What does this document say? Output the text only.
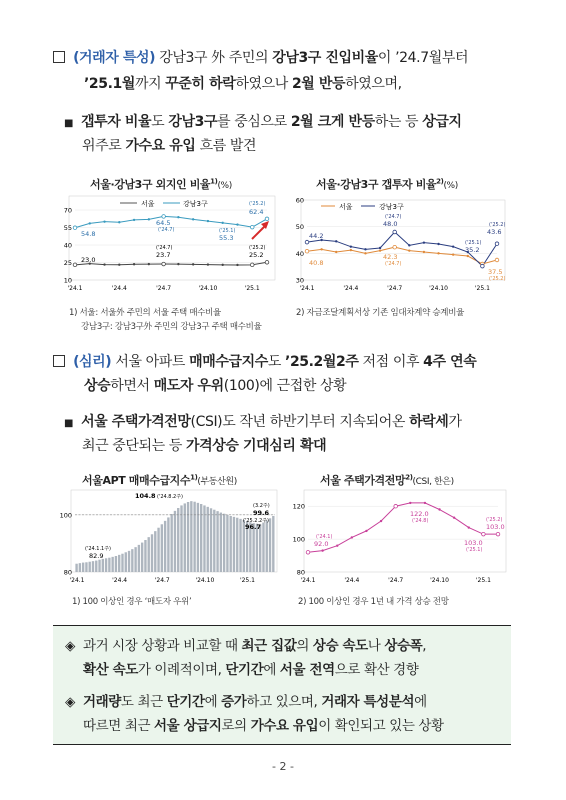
(거래자 특성) 강남3구 外 주민의 강남3구 진입비율이 ’24.7월부터
’25.1월까지 꾸준히 하락하였으나 2월 반등하였으며,
■ 갭투자 비율도 강남3구를 중심으로 2월 크게 반등하는 등 상급지
위주로 가수요 유입 흐름 발견
서울·강남3구 외지인 비율$^{1)}$(%)
70
55
40
25
10
'24.1	'24.4	'24.7	'24.10	'25.1
서울	강남3구
54.8
64.5
('24.7)
('25.2)
62.4
('25.1)
55.3
23.0
('24.7)
23.7
('25.2)
25.2
서울·강남3구 갭투자 비율$^{2)}$(%)
60
50
40
30
'24.1	'24.4	'24.7	'24.10	'25.1
서울	강남3구
44.2
('24.7)
48.0
('25.1)
35.2
('25.2)
43.6
40.8
42.3
('24.7)
37.5
('25.2)
1) 서울: 서울外 주민의 서울 주택 매수비율
강남3구: 강남3구外 주민의 강남3구 주택 매수비율
2) 자금조달계획서상 기존 임대차계약 승계비율
(심리) 서울 아파트 매매수급지수도 ’25.2월2주 저점 이후 4주 연속
상승하면서 매도자 우위(100)에 근접한 상황
■ 서울 주택가격전망(CSI)도 작년 하반기부터 지속되어온 하락세가
최근 중단되는 등 가격상승 기대심리 확대
서울APT 매매수급지수$^{1)}$(부동산원)
100
80
'24.1	'24.4	'24.7	'24.10	'25.1
104.8 ('24.8.2주)
('24.1.1주)
82.9
(3.2주)
99.6
('25.2.2주)
96.7
서울 주택가격전망$^{2)}$(CSI, 한은)
120
100
80
'24.1	'24.4	'24.7	'24.10	'25.1
('24.1)
92.0
122.0
('24.8)
103.0
('25.1)
('25.2)
103.0
1) 100 이상인 경우 ‘매도자 우위’	2) 100 이상인 경우 1년 내 가격 상승 전망
◈ 과거 시장 상황과 비교할 때 최근 집값의 상승 속도나 상승폭,
확산 속도가 이례적이며, 단기간에 서울 전역으로 확산 경향
◈ 거래량도 최근 단기간에 증가하고 있으며, 거래자 특성분석에
따르면 최근 서울 상급지로의 가수요 유입이 확인되고 있는 상황
- 2 -
